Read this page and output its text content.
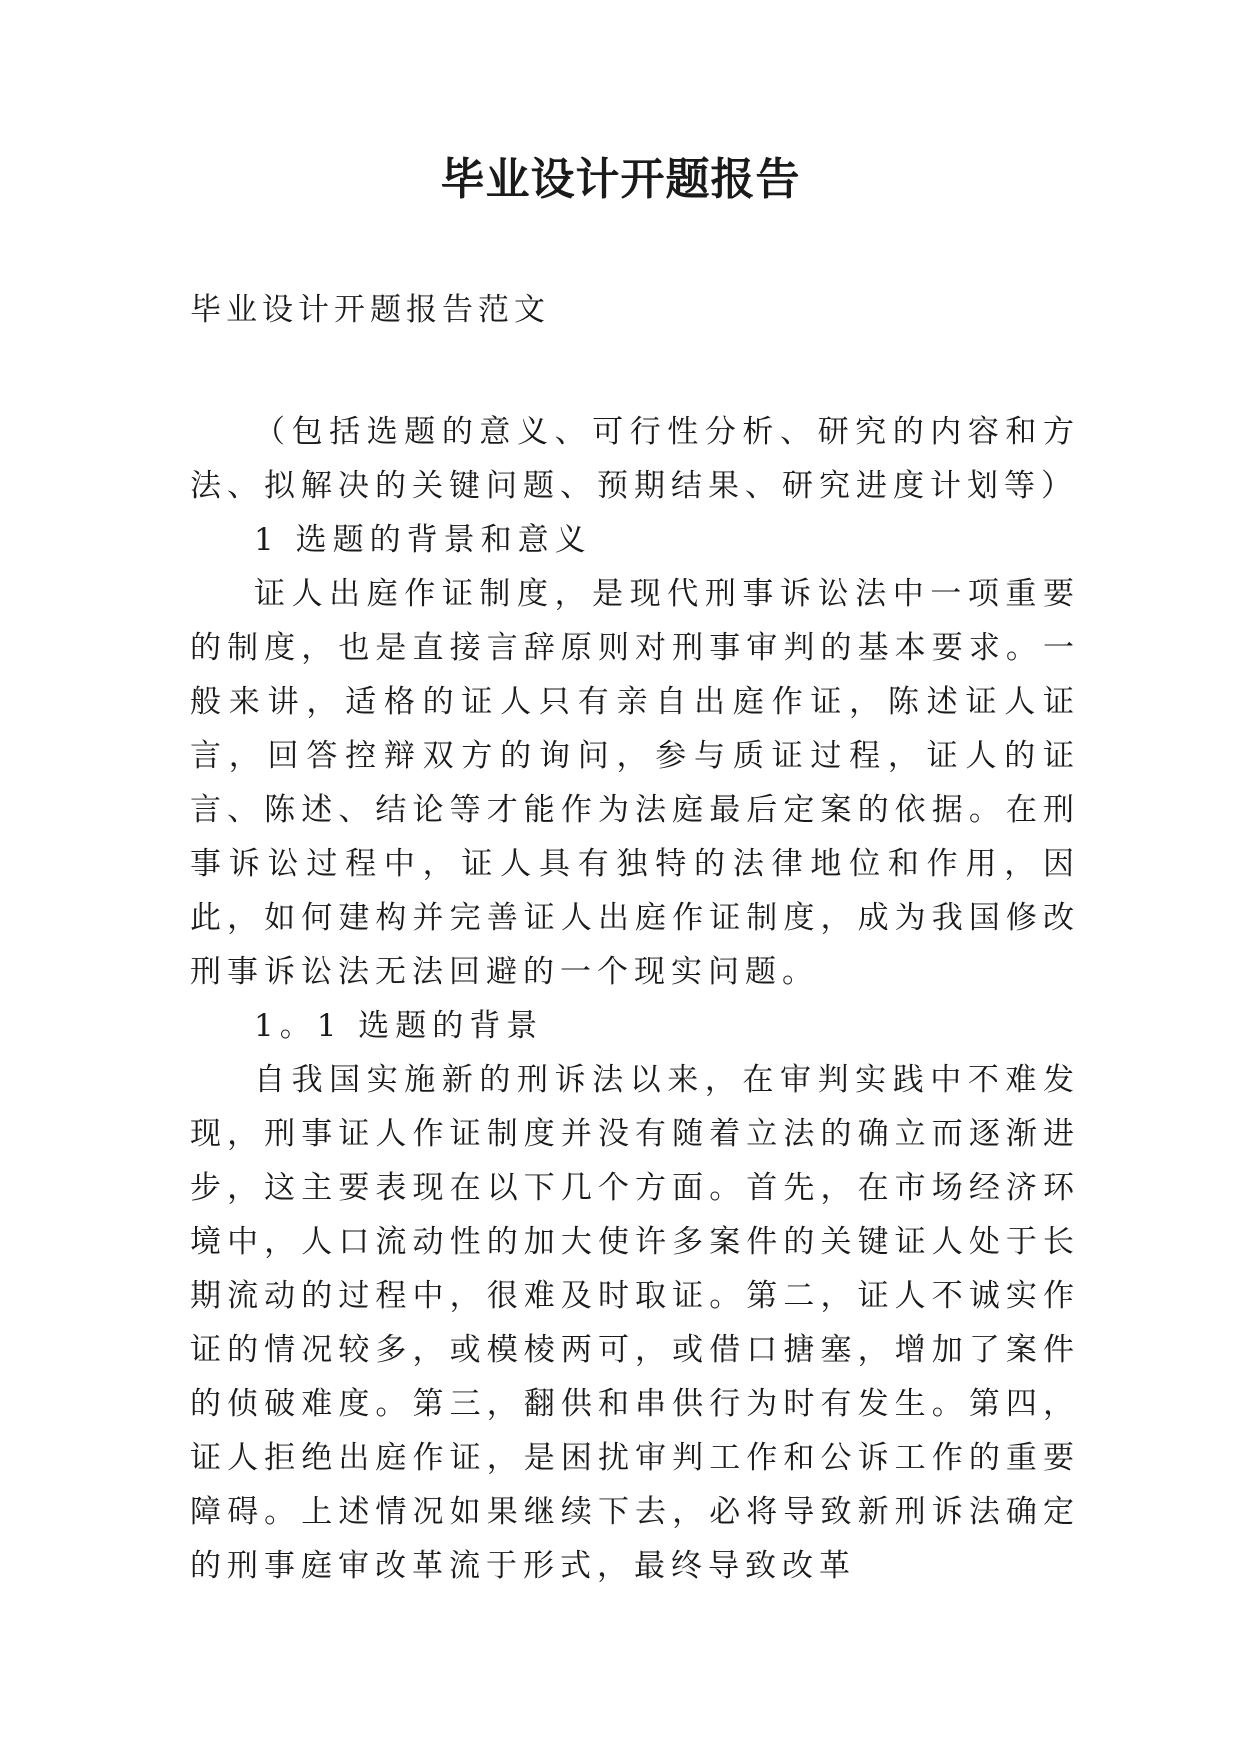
毕业设计开题报告
毕业设计开题报告范文

（包括选题的意义、可行性分析、研究的内容和方法、拟解决的关键问题、预期结果、研究进度计划等）

1 选题的背景和意义

证人出庭作证制度，是现代刑事诉讼法中一项重要的制度，也是直接言辞原则对刑事审判的基本要求。一般来讲，适格的证人只有亲自出庭作证，陈述证人证言，回答控辩双方的询问，参与质证过程，证人的证言、陈述、结论等才能作为法庭最后定案的依据。在刑事诉讼过程中，证人具有独特的法律地位和作用，因此，如何建构并完善证人出庭作证制度，成为我国修改刑事诉讼法无法回避的一个现实问题。

1。1 选题的背景

自我国实施新的刑诉法以来，在审判实践中不难发现，刑事证人作证制度并没有随着立法的确立而逐渐进步，这主要表现在以下几个方面。首先，在市场经济环境中，人口流动性的加大使许多案件的关键证人处于长期流动的过程中，很难及时取证。第二，证人不诚实作证的情况较多，或模棱两可，或借口搪塞，增加了案件的侦破难度。第三，翻供和串供行为时有发生。第四，证人拒绝出庭作证，是困扰审判工作和公诉工作的重要障碍。上述情况如果继续下去，必将导致新刑诉法确定的刑事庭审改革流于形式，最终导致改革
